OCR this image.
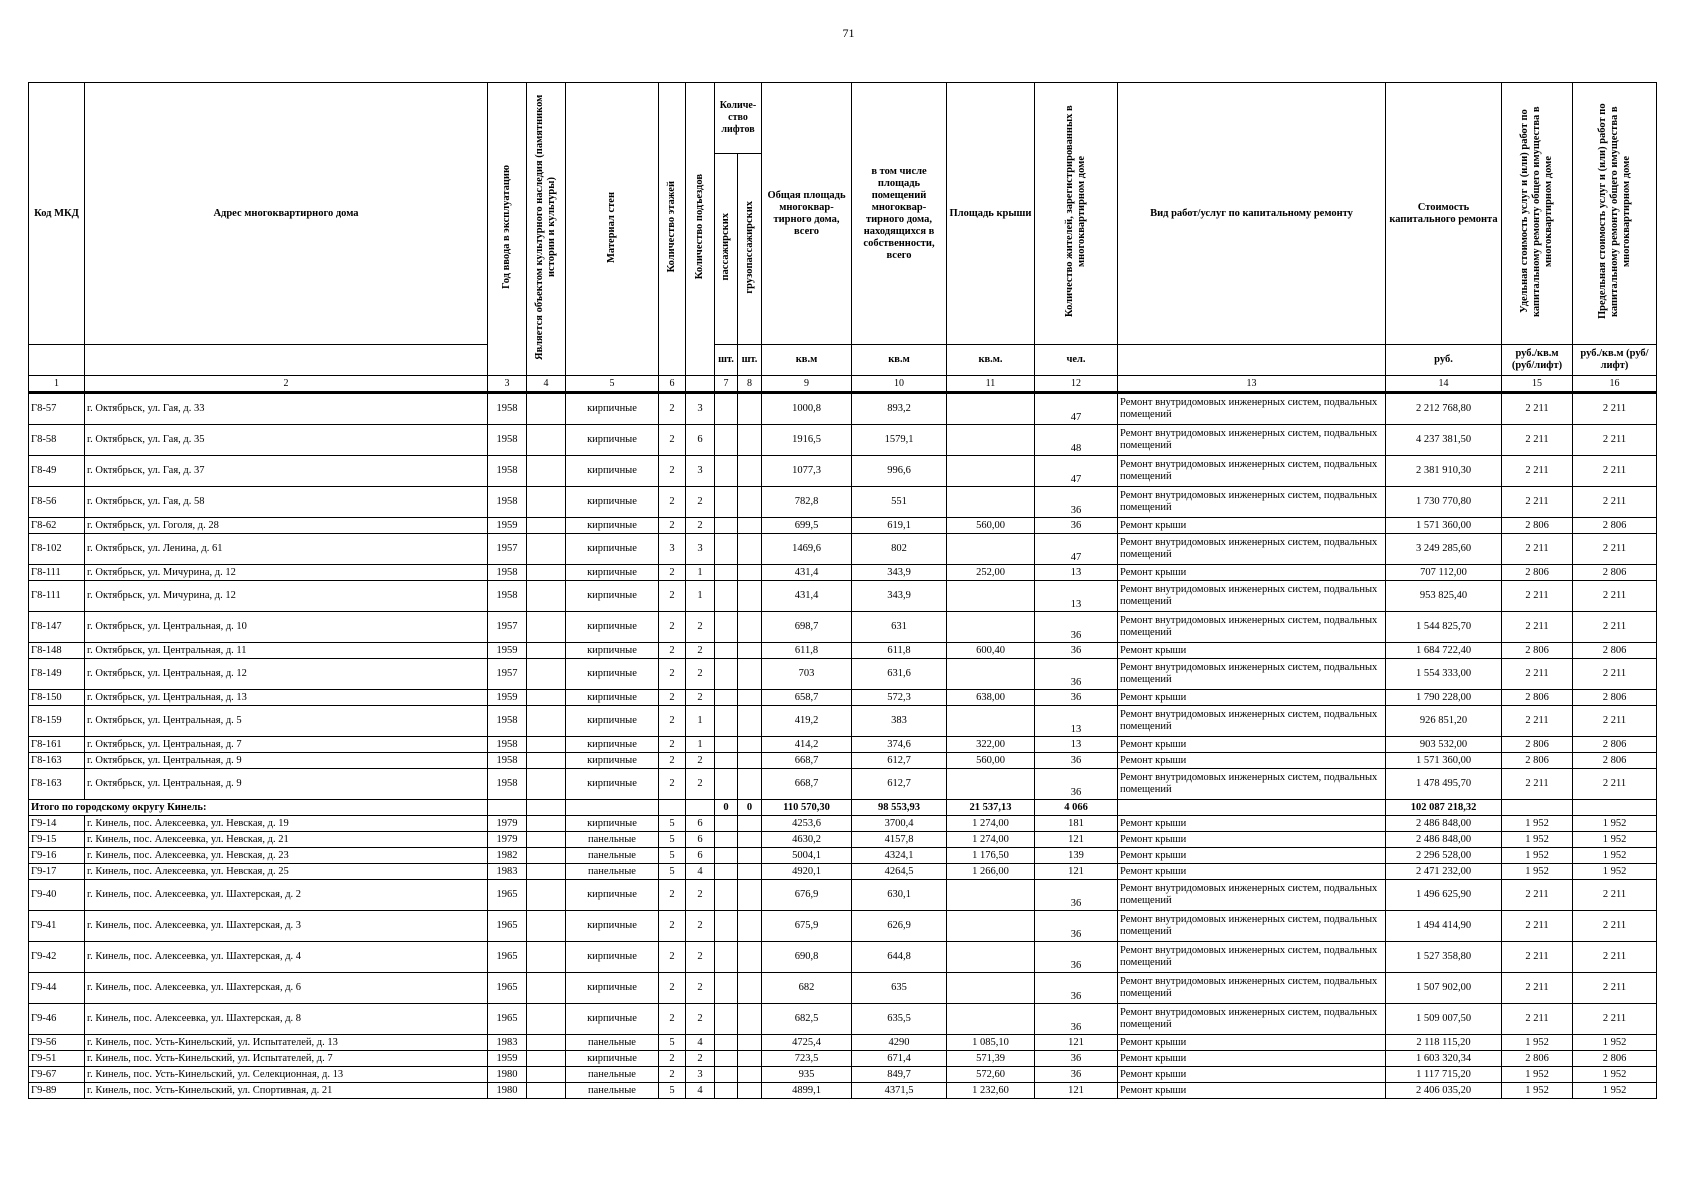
71
Код МКД	Адрес многоквартирного дома	Год ввода в эксплуатацию	Является объектом культурного наследия (памятником истории и культуры)	Материал стен	Количество этажей	Количество подъездов	Количе-ство лифтов		Общая площадь многоквар-тирного дома, всего	в том числе площадь помещений многоквар-тирного дома, находящихся в собственности, всего	Площадь крыши	Количество жителей, зарегистрированных в многоквартирном доме	Вид работ/услуг по капитальному ремонту	Стоимость капитального ремонта	Удельная стоимость услуг и (или) работ по капитальному ремонту общего имущества в многоквартирном доме	Предельная стоимость услуг и (или) работ по капитальному ремонту общего имущества в многоквартирном доме
							пассажирских	грузопассажирских								
							шт.	шт.	кв.м	кв.м	кв.м.	чел.		руб.	руб./кв.м (руб/лифт)	руб./кв.м (руб/лифт)
1	2	3	4	5	6		7	8	9	10	11	12	13	14	15	16
Г8-57	г. Октябрьск, ул. Гая, д. 33	1958		кирпичные	2	3			1000,8	893,2		47	Ремонт внутридомовых инженерных систем, подвальных помещений	2 212 768,80	2 211	2 211
Г8-58	г. Октябрьск, ул. Гая, д. 35	1958		кирпичные	2	6			1916,5	1579,1		48	Ремонт внутридомовых инженерных систем, подвальных помещений	4 237 381,50	2 211	2 211
Г8-49	г. Октябрьск, ул. Гая, д. 37	1958		кирпичные	2	3			1077,3	996,6		47	Ремонт внутридомовых инженерных систем, подвальных помещений	2 381 910,30	2 211	2 211
Г8-56	г. Октябрьск, ул. Гая, д. 58	1958		кирпичные	2	2			782,8	551		36	Ремонт внутридомовых инженерных систем, подвальных помещений	1 730 770,80	2 211	2 211
Г8-62	г. Октябрьск, ул. Гоголя, д. 28	1959		кирпичные	2	2			699,5	619,1	560,00	36	Ремонт крыши	1 571 360,00	2 806	2 806
Г8-102	г. Октябрьск, ул. Ленина, д. 61	1957		кирпичные	3	3			1469,6	802		47	Ремонт внутридомовых инженерных систем, подвальных помещений	3 249 285,60	2 211	2 211
Г8-111	г. Октябрьск, ул. Мичурина, д. 12	1958		кирпичные	2	1			431,4	343,9	252,00	13	Ремонт крыши	707 112,00	2 806	2 806
Г8-111	г. Октябрьск, ул. Мичурина, д. 12	1958		кирпичные	2	1			431,4	343,9		13	Ремонт внутридомовых инженерных систем, подвальных помещений	953 825,40	2 211	2 211
Г8-147	г. Октябрьск, ул. Центральная, д. 10	1957		кирпичные	2	2			698,7	631		36	Ремонт внутридомовых инженерных систем, подвальных помещений	1 544 825,70	2 211	2 211
Г8-148	г. Октябрьск, ул. Центральная, д. 11	1959		кирпичные	2	2			611,8	611,8	600,40	36	Ремонт крыши	1 684 722,40	2 806	2 806
Г8-149	г. Октябрьск, ул. Центральная, д. 12	1957		кирпичные	2	2			703	631,6		36	Ремонт внутридомовых инженерных систем, подвальных помещений	1 554 333,00	2 211	2 211
Г8-150	г. Октябрьск, ул. Центральная, д. 13	1959		кирпичные	2	2			658,7	572,3	638,00	36	Ремонт крыши	1 790 228,00	2 806	2 806
Г8-159	г. Октябрьск, ул. Центральная, д. 5	1958		кирпичные	2	1			419,2	383		13	Ремонт внутридомовых инженерных систем, подвальных помещений	926 851,20	2 211	2 211
Г8-161	г. Октябрьск, ул. Центральная, д. 7	1958		кирпичные	2	1			414,2	374,6	322,00	13	Ремонт крыши	903 532,00	2 806	2 806
Г8-163	г. Октябрьск, ул. Центральная, д. 9	1958		кирпичные	2	2			668,7	612,7	560,00	36	Ремонт крыши	1 571 360,00	2 806	2 806
Г8-163	г. Октябрьск, ул. Центральная, д. 9	1958		кирпичные	2	2			668,7	612,7		36	Ремонт внутридомовых инженерных систем, подвальных помещений	1 478 495,70	2 211	2 211
Итого по городскому округу Кинель:							0	0	110 570,30	98 553,93	21 537,13	4 066		102 087 218,32		
Г9-14	г. Кинель, пос. Алексеевка, ул. Невская, д. 19	1979		кирпичные	5	6			4253,6	3700,4	1 274,00	181	Ремонт крыши	2 486 848,00	1 952	1 952
Г9-15	г. Кинель, пос. Алексеевка, ул. Невская, д. 21	1979		панельные	5	6			4630,2	4157,8	1 274,00	121	Ремонт крыши	2 486 848,00	1 952	1 952
Г9-16	г. Кинель, пос. Алексеевка, ул. Невская, д. 23	1982		панельные	5	6			5004,1	4324,1	1 176,50	139	Ремонт крыши	2 296 528,00	1 952	1 952
Г9-17	г. Кинель, пос. Алексеевка, ул. Невская, д. 25	1983		панельные	5	4			4920,1	4264,5	1 266,00	121	Ремонт крыши	2 471 232,00	1 952	1 952
Г9-40	г. Кинель, пос. Алексеевка, ул. Шахтерская, д. 2	1965		кирпичные	2	2			676,9	630,1		36	Ремонт внутридомовых инженерных систем, подвальных помещений	1 496 625,90	2 211	2 211
Г9-41	г. Кинель, пос. Алексеевка, ул. Шахтерская, д. 3	1965		кирпичные	2	2			675,9	626,9		36	Ремонт внутридомовых инженерных систем, подвальных помещений	1 494 414,90	2 211	2 211
Г9-42	г. Кинель, пос. Алексеевка, ул. Шахтерская, д. 4	1965		кирпичные	2	2			690,8	644,8		36	Ремонт внутридомовых инженерных систем, подвальных помещений	1 527 358,80	2 211	2 211
Г9-44	г. Кинель, пос. Алексеевка, ул. Шахтерская, д. 6	1965		кирпичные	2	2			682	635		36	Ремонт внутридомовых инженерных систем, подвальных помещений	1 507 902,00	2 211	2 211
Г9-46	г. Кинель, пос. Алексеевка, ул. Шахтерская, д. 8	1965		кирпичные	2	2			682,5	635,5		36	Ремонт внутридомовых инженерных систем, подвальных помещений	1 509 007,50	2 211	2 211
Г9-56	г. Кинель, пос. Усть-Кинельский, ул. Испытателей, д. 13	1983		панельные	5	4			4725,4	4290	1 085,10	121	Ремонт крыши	2 118 115,20	1 952	1 952
Г9-51	г. Кинель, пос. Усть-Кинельский, ул. Испытателей, д. 7	1959		кирпичные	2	2			723,5	671,4	571,39	36	Ремонт крыши	1 603 320,34	2 806	2 806
Г9-67	г. Кинель, пос. Усть-Кинельский, ул. Селекционная, д. 13	1980		панельные	2	3			935	849,7	572,60	36	Ремонт крыши	1 117 715,20	1 952	1 952
Г9-89	г. Кинель, пос. Усть-Кинельский, ул. Спортивная, д. 21	1980		панельные	5	4			4899,1	4371,5	1 232,60	121	Ремонт крыши	2 406 035,20	1 952	1 952
